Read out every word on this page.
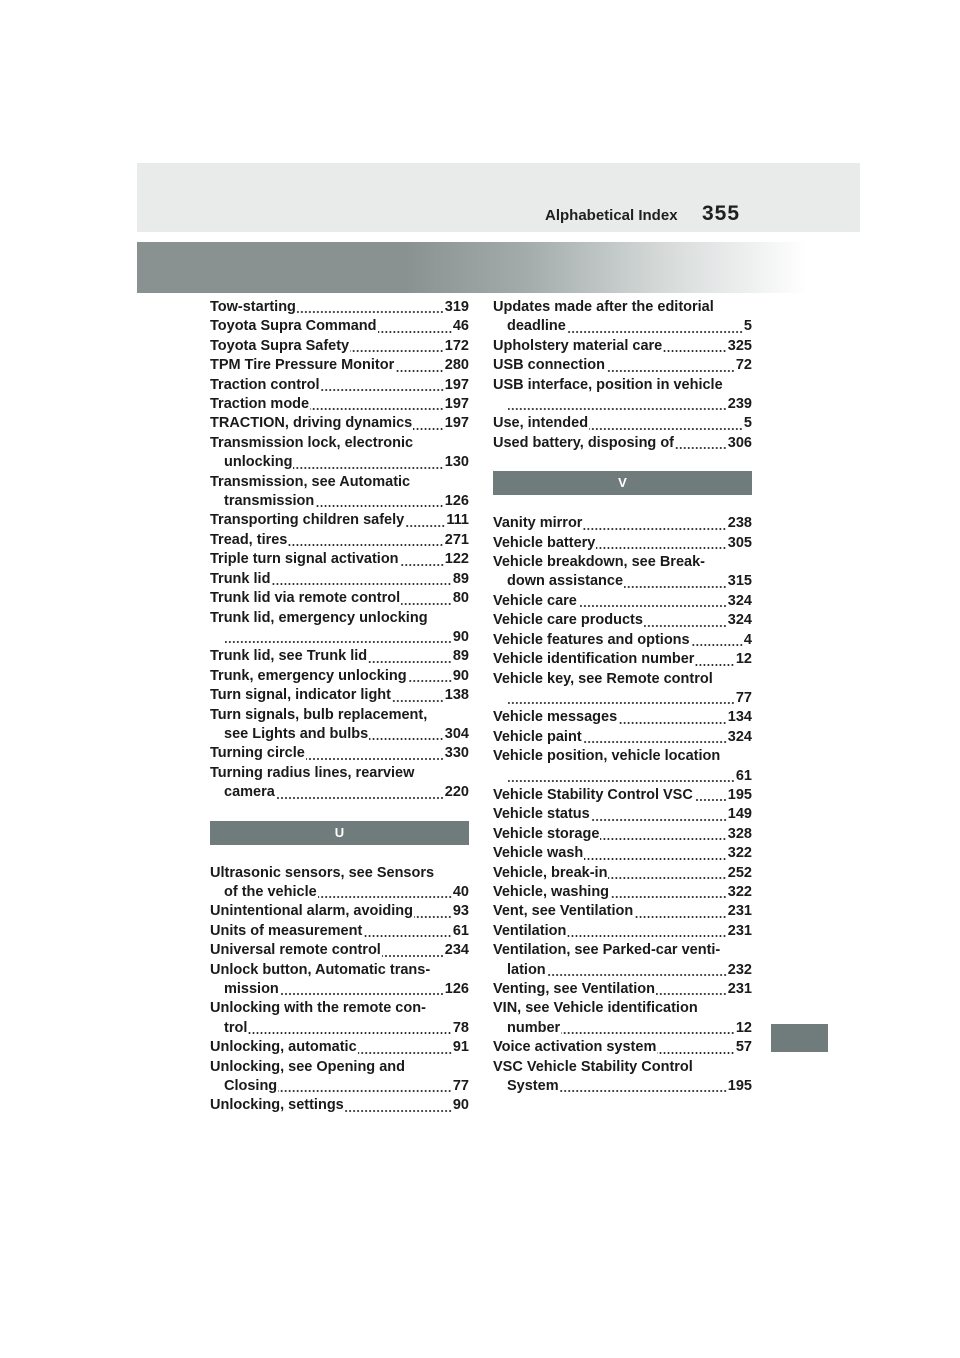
Alphabetical Index 355
Tow-starting	319
Toyota Supra Command	46
Toyota Supra Safety	172
TPM Tire Pressure Monitor	280
Traction control	197
Traction mode	197
TRACTION, driving dynamics 197
Transmission lock, electronic
unlocking	130
Transmission, see Automatic
transmission	126
Transporting children safely	111
Tread, tires	271
Triple turn signal activation	122
Trunk lid	89
Trunk lid via remote control	80
Trunk lid, emergency unlocking
90
Trunk lid, see Trunk lid	89
Trunk, emergency unlocking	90
Turn signal, indicator light	138
Turn signals, bulb replacement,
see Lights and bulbs	304
Turning circle	330
Turning radius lines, rearview
camera	220
U
Ultrasonic sensors, see Sensors
of the vehicle	40
Unintentional alarm, avoiding	93
Units of measurement	61
Universal remote control	234
Unlock button, Automatic trans-
mission	126
Unlocking with the remote con-
trol	78
Unlocking, automatic	91
Unlocking, see Opening and
Closing	77
Unlocking, settings	90
Updates made after the editorial
deadline	5
Upholstery material care	325
USB connection	72
USB interface, position in vehicle
239
Use, intended	5
Used battery, disposing of	306
V
Vanity mirror	238
Vehicle battery	305
Vehicle breakdown, see Break-
down assistance	315
Vehicle care	324
Vehicle care products	324
Vehicle features and options	4
Vehicle identification number	12
Vehicle key, see Remote control
77
Vehicle messages	134
Vehicle paint	324
Vehicle position, vehicle location
61
Vehicle Stability Control VSC 195
Vehicle status	149
Vehicle storage	328
Vehicle wash	322
Vehicle, break-in	252
Vehicle, washing	322
Vent, see Ventilation	231
Ventilation	231
Ventilation, see Parked-car venti-
lation	232
Venting, see Ventilation	231
VIN, see Vehicle identification
number	12
Voice activation system	57
VSC Vehicle Stability Control
System	195
